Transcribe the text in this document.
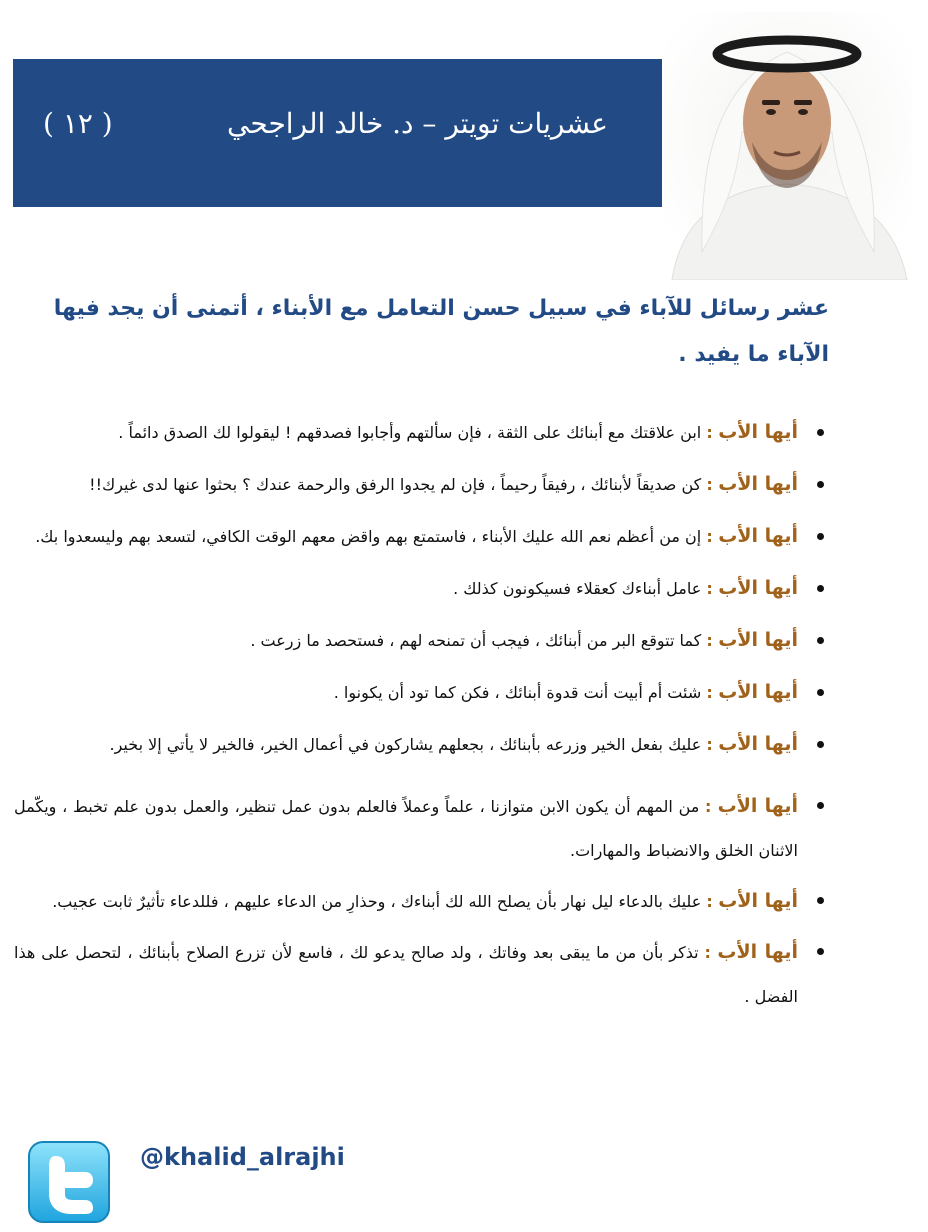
عشريات تويتر – د. خالد الراجحي
( ١٢ )
عشر رسائل للآباء في سبيل حسن التعامل مع الأبناء ، أتمنى أن يجد فيها الآباء ما يفيد .
أيها الأب : ابن علاقتك مع أبنائك على الثقة ، فإن سألتهم وأجابوا فصدقهم ! ليقولوا لك الصدق دائماً .
أيها الأب : كن صديقاً لأبنائك ، رفيقاً رحيماً ، فإن لم يجدوا الرفق والرحمة عندك ؟ بحثوا عنها لدى غيرك!!
أيها الأب : إن من أعظم نعم الله عليك الأبناء ، فاستمتع بهم واقض معهم الوقت الكافي، لتسعد بهم وليسعدوا بك.
أيها الأب : عامل أبناءك كعقلاء فسيكونون كذلك .
أيها الأب : كما تتوقع البر من أبنائك ، فيجب أن تمنحه لهم ، فستحصد ما زرعت .
أيها الأب : شئت أم أبيت أنت قدوة أبنائك ، فكن كما تود أن يكونوا .
أيها الأب : عليك بفعل الخير وزرعه بأبنائك ، بجعلهم يشاركون في أعمال الخير، فالخير لا يأتي إلا بخير.
أيها الأب : من المهم أن يكون الابن متوازنا ، علماً وعملاً فالعلم بدون عمل تنظير، والعمل بدون علم تخبط ، ويكّمل الاثنان الخلق والانضباط والمهارات.
أيها الأب : عليك بالدعاء ليل نهار بأن يصلح الله لك أبناءك ، وحذارِ من الدعاء عليهم ، فللدعاء تأثيرٌ ثابت عجيب.
أيها الأب : تذكر بأن من ما يبقى بعد وفاتك ، ولد صالح يدعو لك ، فاسع لأن تزرع الصلاح بأبنائك ، لتحصل على هذا الفضل .
@khalid_alrajhi
